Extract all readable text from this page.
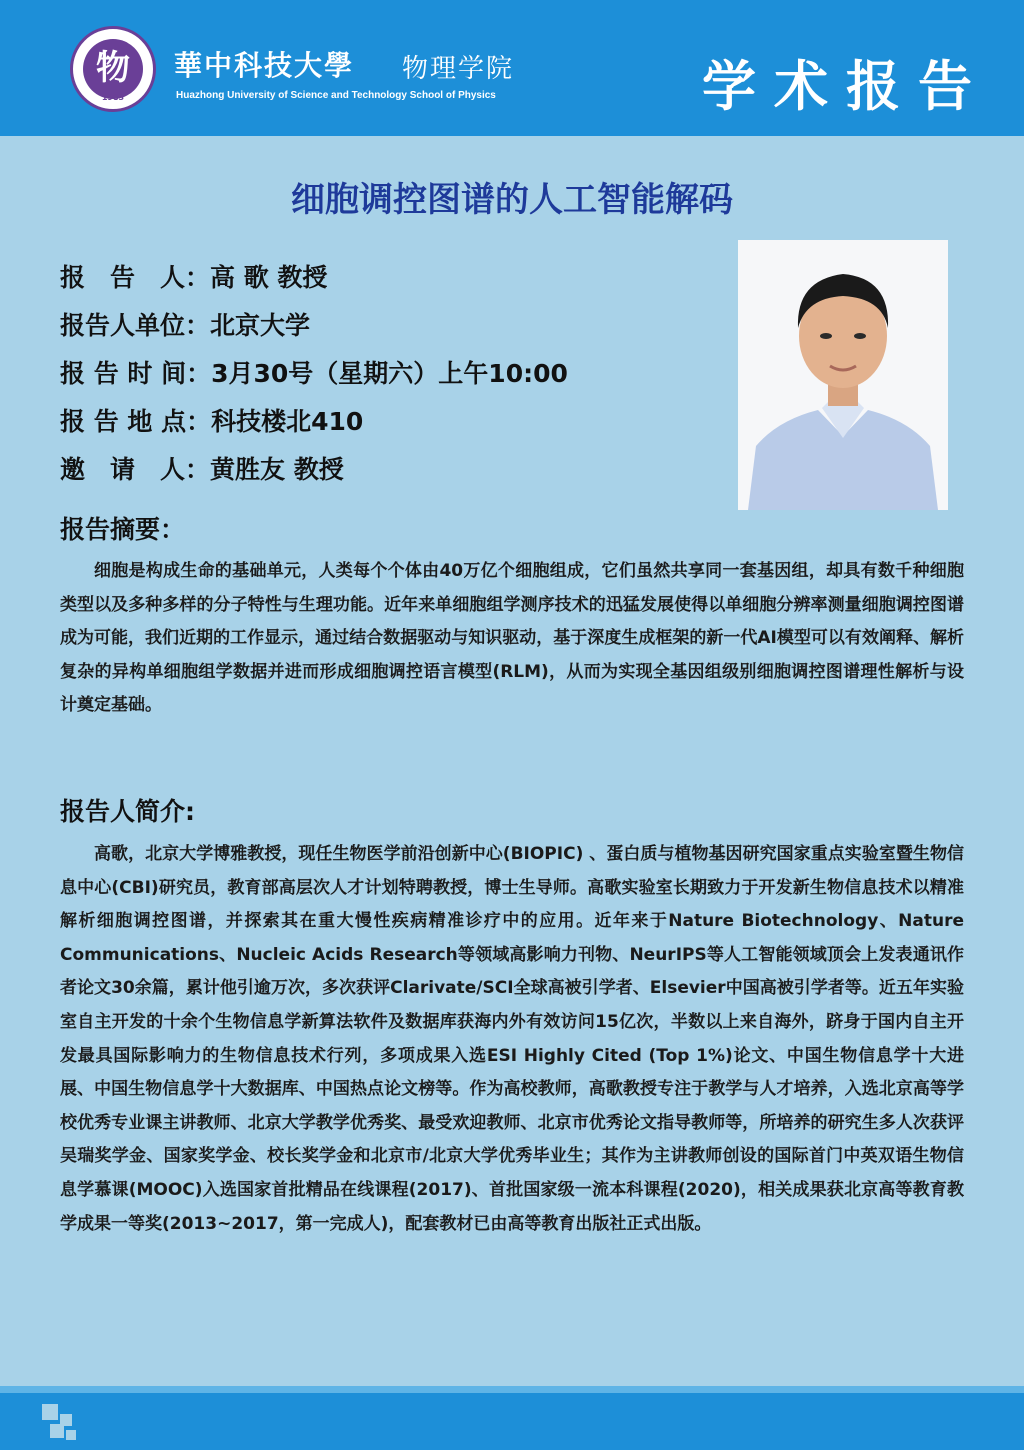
物
1983
華中科技大學 物理学院
Huazhong University of Science and Technology School of Physics	学术报告
细胞调控图谱的人工智能解码
报　告　人： 高 歌 教授
报告人单位： 北京大学
报 告 时 间： 3月30号（星期六）上午10:00
报 告 地 点： 科技楼北410
邀　请　人： 黄胜友 教授
报告摘要：

细胞是构成生命的基础单元，人类每个个体由40万亿个细胞组成，它们虽然共享同一套基因组，却具有数千种细胞类型以及多种多样的分子特性与生理功能。近年来单细胞组学测序技术的迅猛发展使得以单细胞分辨率测量细胞调控图谱成为可能，我们近期的工作显示，通过结合数据驱动与知识驱动，基于深度生成框架的新一代AI模型可以有效阐释、解析复杂的异构单细胞组学数据并进而形成细胞调控语言模型(RLM)，从而为实现全基因组级别细胞调控图谱理性解析与设计奠定基础。

报告人简介:

高歌，北京大学博雅教授，现任生物医学前沿创新中心(BIOPIC) 、蛋白质与植物基因研究国家重点实验室暨生物信息中心(CBI)研究员，教育部高层次人才计划特聘教授，博士生导师。高歌实验室长期致力于开发新生物信息技术以精准解析细胞调控图谱，并探索其在重大慢性疾病精准诊疗中的应用。近年来于Nature Biotechnology、Nature Communications、Nucleic Acids Research等领域高影响力刊物、NeurIPS等人工智能领域顶会上发表通讯作者论文30余篇，累计他引逾万次，多次获评Clarivate/SCI全球高被引学者、Elsevier中国高被引学者等。近五年实验室自主开发的十余个生物信息学新算法软件及数据库获海内外有效访问15亿次，半数以上来自海外，跻身于国内自主开发最具国际影响力的生物信息技术行列，多项成果入选ESI Highly Cited (Top 1%)论文、中国生物信息学十大进展、中国生物信息学十大数据库、中国热点论文榜等。作为高校教师，高歌教授专注于教学与人才培养，入选北京高等学校优秀专业课主讲教师、北京大学教学优秀奖、最受欢迎教师、北京市优秀论文指导教师等，所培养的研究生多人次获评吴瑞奖学金、国家奖学金、校长奖学金和北京市/北京大学优秀毕业生；其作为主讲教师创设的国际首门中英双语生物信息学慕课(MOOC)入选国家首批精品在线课程(2017)、首批国家级一流本科课程(2020)，相关成果获北京高等教育教学成果一等奖(2013~2017，第一完成人)，配套教材已由高等教育出版社正式出版。
